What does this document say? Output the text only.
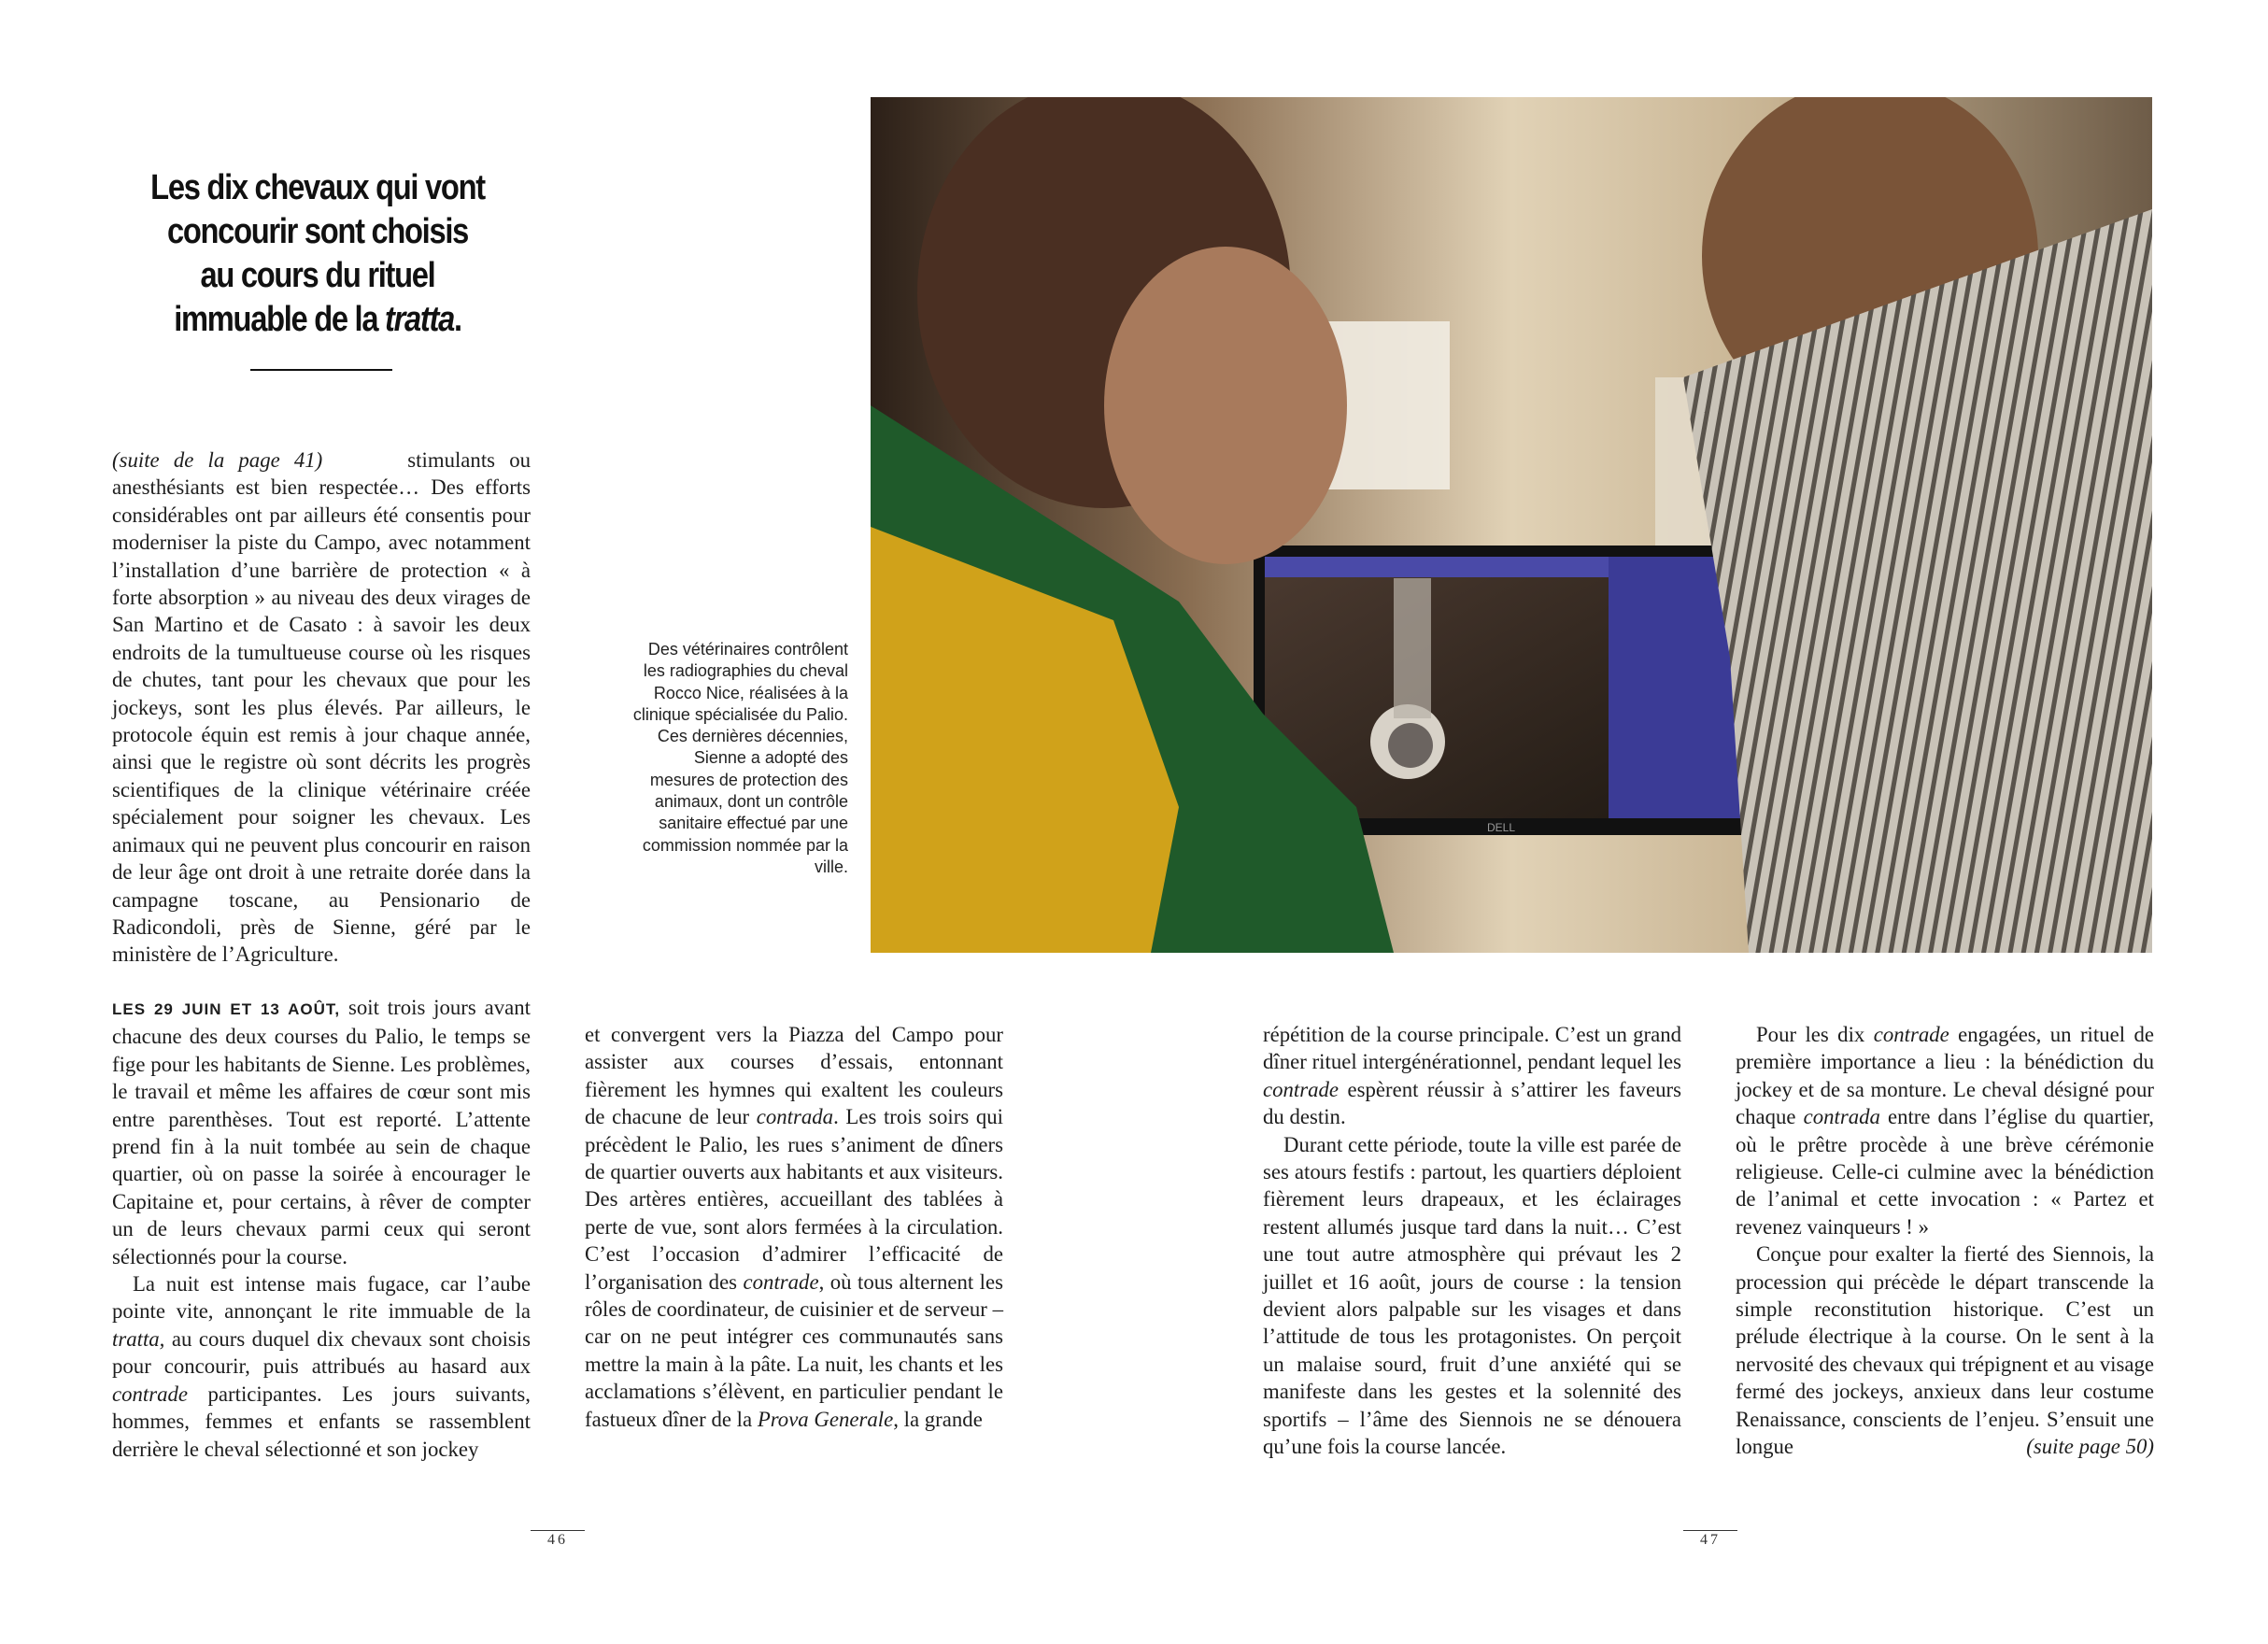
Les dix chevaux qui vont
concourir sont choisis
au cours du rituel
immuable de la tratta.

(suite de la page 41)	stimulants ou anesthésiants est bien respectée… Des efforts considérables ont par ailleurs été consentis pour moderniser la piste du Campo, avec notamment l’installation d’une barrière de protection « à forte absorption » au niveau des deux virages de San Martino et de Casato : à savoir les deux endroits de la tumultueuse course où les risques de chutes, tant pour les chevaux que pour les jockeys, sont les plus élevés. Par ailleurs, le protocole équin est remis à jour chaque année, ainsi que le registre où sont décrits les progrès scientifiques de la clinique vétérinaire créée spécialement pour soigner les chevaux. Les animaux qui ne peuvent plus concourir en raison de leur âge ont droit à une retraite dorée dans la campagne toscane, au Pensionario de Radicondoli, près de Sienne, géré par le ministère de l’Agriculture.

Des vétérinaires contrôlent les radiographies du cheval Rocco Nice, réalisées à la clinique spécialisée du Palio. Ces dernières décennies, Sienne a adopté des mesures de protection des animaux, dont un contrôle sanitaire effectué par une commission nommée par la ville.
DELL

LES 29 JUIN ET 13 AOÛT, soit trois jours avant chacune des deux courses du Palio, le temps se fige pour les habitants de Sienne. Les problèmes, le travail et même les affaires de cœur sont mis entre parenthèses. Tout est reporté. L’attente prend fin à la nuit tombée au sein de chaque quartier, où on passe la soirée à encourager le Capitaine et, pour certains, à rêver de compter un de leurs chevaux parmi ceux qui seront sélectionnés pour la course.

La nuit est intense mais fugace, car l’aube pointe vite, annonçant le rite immuable de la tratta, au cours duquel dix chevaux sont choisis pour concourir, puis attribués au hasard aux contrade participantes. Les jours suivants, hommes, femmes et enfants se rassemblent derrière le cheval sélectionné et son jockey

et convergent vers la Piazza del Campo pour assister aux courses d’essais, entonnant fièrement les hymnes qui exaltent les couleurs de chacune de leur contrada. Les trois soirs qui précèdent le Palio, les rues s’animent de dîners de quartier ouverts aux habitants et aux visiteurs. Des artères entières, accueillant des tablées à perte de vue, sont alors fermées à la circulation. C’est l’occasion d’admirer l’efficacité de l’organisation des contrade, où tous alternent les rôles de coordinateur, de cuisinier et de serveur – car on ne peut intégrer ces communautés sans mettre la main à la pâte. La nuit, les chants et les acclamations s’élèvent, en particulier pendant le fastueux dîner de la Prova Generale, la grande

répétition de la course principale. C’est un grand dîner rituel intergénérationnel, pendant lequel les contrade espèrent réussir à s’attirer les faveurs du destin.

Durant cette période, toute la ville est parée de ses atours festifs : partout, les quartiers déploient fièrement leurs drapeaux, et les éclairages restent allumés jusque tard dans la nuit… C’est une tout autre atmosphère qui prévaut les 2 juillet et 16 août, jours de course : la tension devient alors palpable sur les visages et dans l’attitude de tous les protagonistes. On perçoit un malaise sourd, fruit d’une anxiété qui se manifeste dans les gestes et la solennité des sportifs – l’âme des Siennois ne se dénouera qu’une fois la course lancée.

Pour les dix contrade engagées, un rituel de première importance a lieu : la bénédiction du jockey et de sa monture. Le cheval désigné pour chaque contrada entre dans l’église du quartier, où le prêtre procède à une brève cérémonie religieuse. Celle-ci culmine avec la bénédiction de l’animal et cette invocation : « Partez et revenez vainqueurs ! »

Conçue pour exalter la fierté des Siennois, la procession qui précède le départ transcende la simple reconstitution historique. C’est un prélude électrique à la course. On le sent à la nervosité des chevaux qui trépignent et au visage fermé des jockeys, anxieux dans leur costume Renaissance, conscients de l’enjeu. S’ensuit une longue	(suite page 50)

46	47
